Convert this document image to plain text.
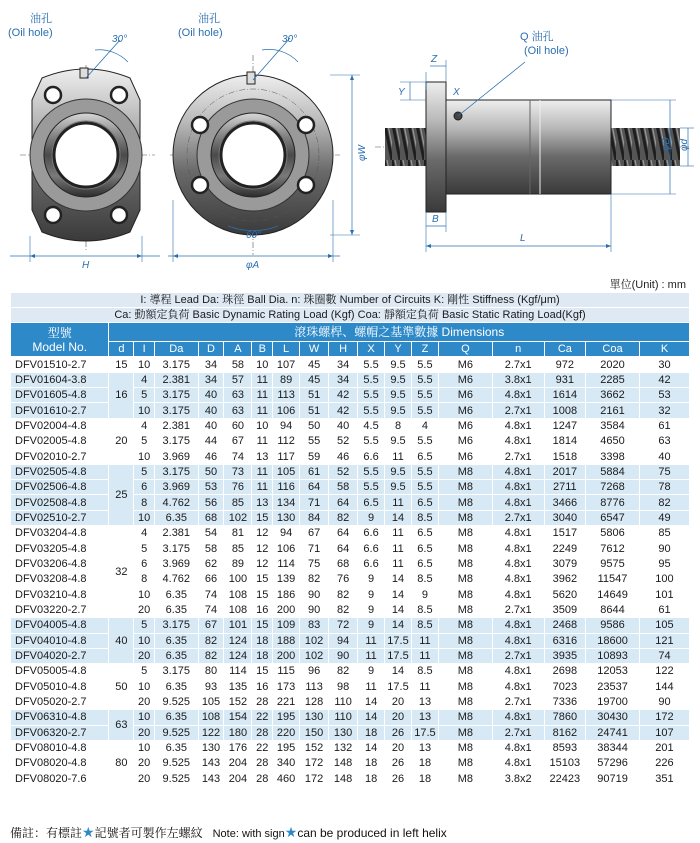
油孔
(Oil hole)
30°
H
油孔
(Oil hole)
30°
60°
φA
φW
Q 油孔
(Oil hole)
Z
Y	X
B
L
φD φd
單位(Unit) : mm
I: 導程 Lead Da: 珠徑 Ball Dia. n: 珠圈數 Number of Circuits K: 剛性 Stiffness (Kgf/μm)																	
Ca: 動額定負荷 Basic Dynamic Rating Load (Kgf) Coa: 靜額定負荷 Basic Static Rating Load(Kgf)																	

型號
Model No.	滾珠螺桿、螺帽之基準數據 Dimensions																
	d	I	Da	D	A	B	L	W	H	X	Y	Z	Q	n	Ca	Coa	K
DFV01510-2.7	15	10	3.175	34	58	10	107	45	34	5.5	9.5	5.5	M6	2.7x1	972	2020	30
DFV01604-3.8	16	4	2.381	34	57	11	89	45	34	5.5	9.5	5.5	M6	3.8x1	931	2285	42
DFV01605-4.8		5	3.175	40	63	11	113	51	42	5.5	9.5	5.5	M6	4.8x1	1614	3662	53
DFV01610-2.7		10	3.175	40	63	11	106	51	42	5.5	9.5	5.5	M6	2.7x1	1008	2161	32
DFV02004-4.8	20	4	2.381	40	60	10	94	50	40	4.5	8	4	M6	4.8x1	1247	3584	61
DFV02005-4.8		5	3.175	44	67	11	112	55	52	5.5	9.5	5.5	M6	4.8x1	1814	4650	63
DFV02010-2.7		10	3.969	46	74	13	117	59	46	6.6	11	6.5	M6	2.7x1	1518	3398	40
DFV02505-4.8	25	5	3.175	50	73	11	105	61	52	5.5	9.5	5.5	M8	4.8x1	2017	5884	75
DFV02506-4.8		6	3.969	53	76	11	116	64	58	5.5	9.5	5.5	M8	4.8x1	2711	7268	78
DFV02508-4.8		8	4.762	56	85	13	134	71	64	6.5	11	6.5	M8	4.8x1	3466	8776	82
DFV02510-2.7		10	6.35	68	102	15	130	84	82	9	14	8.5	M8	2.7x1	3040	6547	49
DFV03204-4.8	32	4	2.381	54	81	12	94	67	64	6.6	11	6.5	M8	4.8x1	1517	5806	85
DFV03205-4.8		5	3.175	58	85	12	106	71	64	6.6	11	6.5	M8	4.8x1	2249	7612	90
DFV03206-4.8		6	3.969	62	89	12	114	75	68	6.6	11	6.5	M8	4.8x1	3079	9575	95
DFV03208-4.8		8	4.762	66	100	15	139	82	76	9	14	8.5	M8	4.8x1	3962	11547	100
DFV03210-4.8		10	6.35	74	108	15	186	90	82	9	14	9	M8	4.8x1	5620	14649	101
DFV03220-2.7		20	6.35	74	108	16	200	90	82	9	14	8.5	M8	2.7x1	3509	8644	61
DFV04005-4.8	40	5	3.175	67	101	15	109	83	72	9	14	8.5	M8	4.8x1	2468	9586	105
DFV04010-4.8		10	6.35	82	124	18	188	102	94	11	17.5	11	M8	4.8x1	6316	18600	121
DFV04020-2.7		20	6.35	82	124	18	200	102	90	11	17.5	11	M8	2.7x1	3935	10893	74
DFV05005-4.8	50	5	3.175	80	114	15	115	96	82	9	14	8.5	M8	4.8x1	2698	12053	122
DFV05010-4.8		10	6.35	93	135	16	173	113	98	11	17.5	11	M8	4.8x1	7023	23537	144
DFV05020-2.7		20	9.525	105	152	28	221	128	110	14	20	13	M8	2.7x1	7336	19700	90
DFV06310-4.8	63	10	6.35	108	154	22	195	130	110	14	20	13	M8	4.8x1	7860	30430	172
DFV06320-2.7		20	9.525	122	180	28	220	150	130	18	26	17.5	M8	2.7x1	8162	24741	107
DFV08010-4.8	80	10	6.35	130	176	22	195	152	132	14	20	13	M8	4.8x1	8593	38344	201
DFV08020-4.8		20	9.525	143	204	28	340	172	148	18	26	18	M8	4.8x1	15103	57296	226
DFV08020-7.6		20	9.525	143	204	28	460	172	148	18	26	18	M8	3.8x2	22423	90719	351
備註：有標註★記號者可製作左螺紋 Note: with sign★can be produced in left helix
